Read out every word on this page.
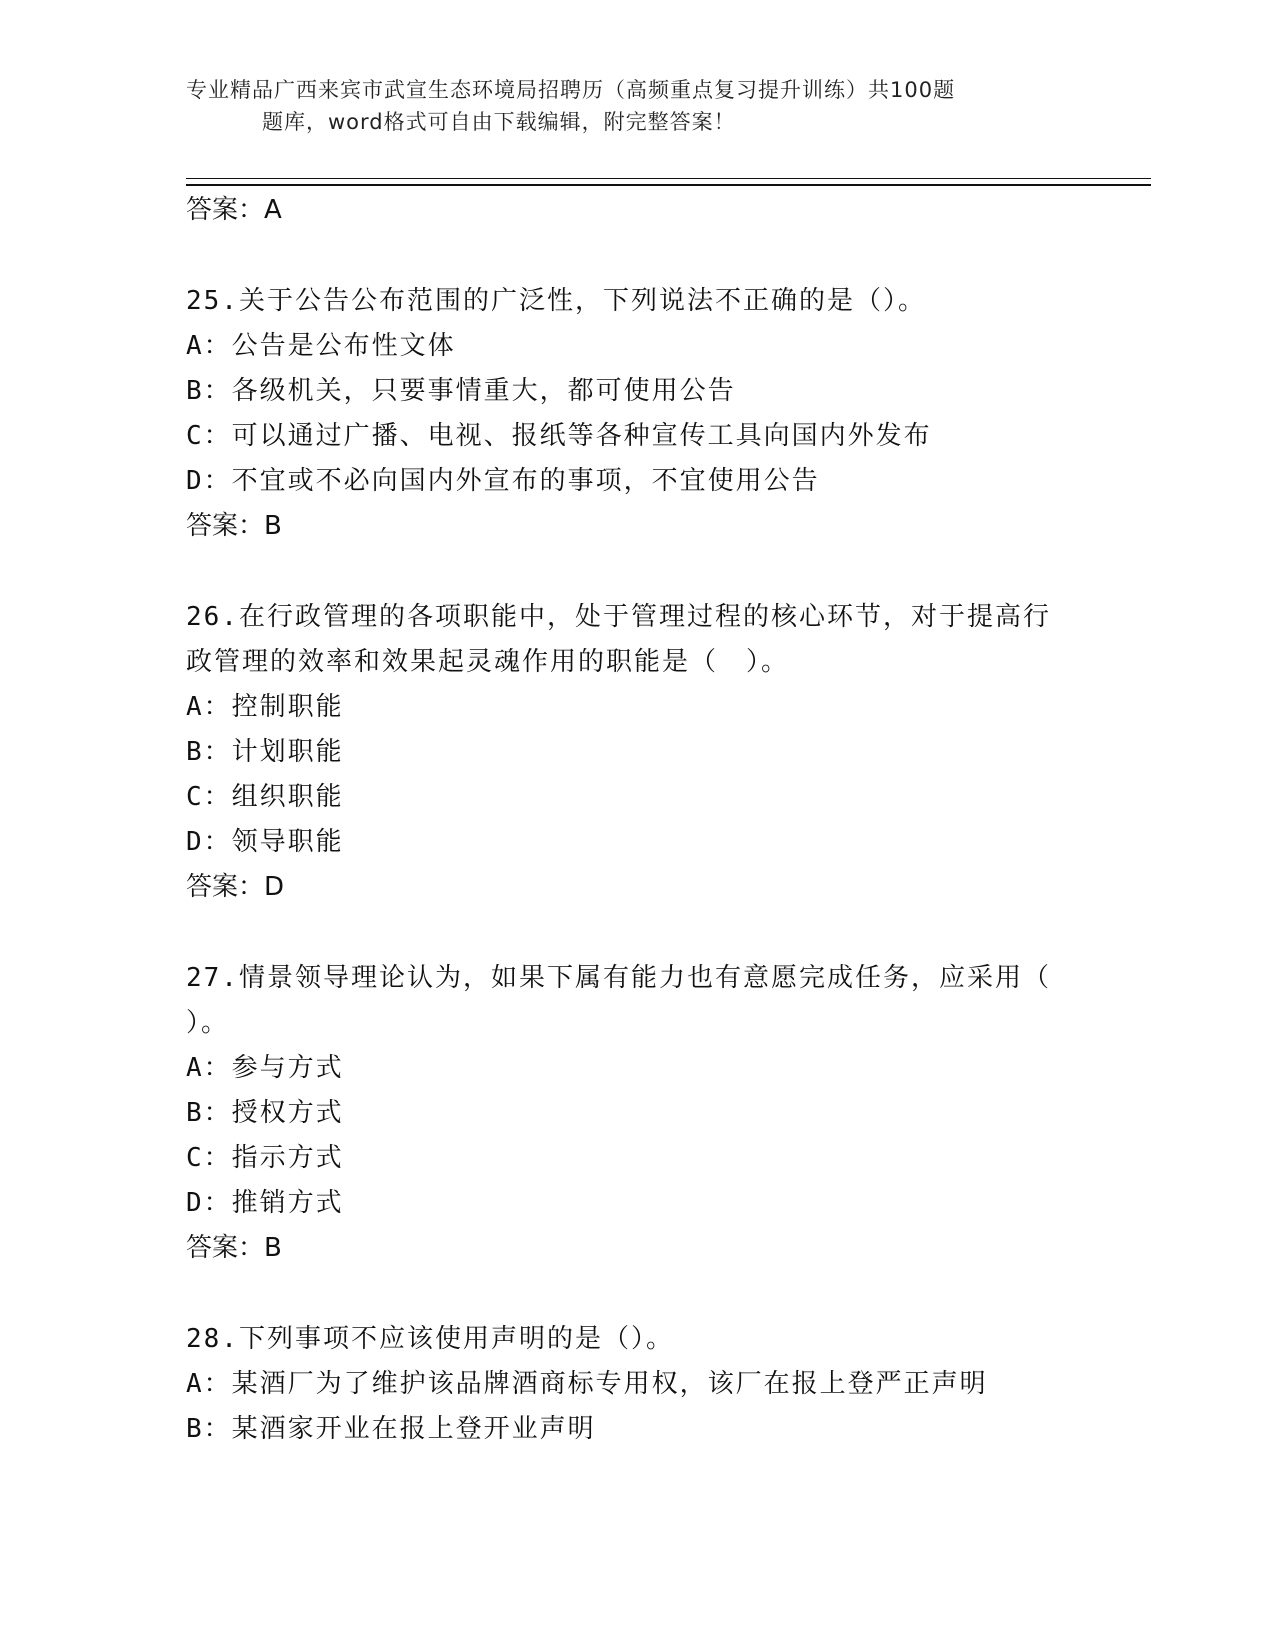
专业精品广西来宾市武宣生态环境局招聘历（高频重点复习提升训练）共100题
题库，word格式可自由下载编辑，附完整答案！
答案：A
25.关于公告公布范围的广泛性，下列说法不正确的是（）。
A：公告是公布性文体
B：各级机关，只要事情重大，都可使用公告
C：可以通过广播、电视、报纸等各种宣传工具向国内外发布
D：不宜或不必向国内外宣布的事项，不宜使用公告
答案：B
26.在行政管理的各项职能中，处于管理过程的核心环节，对于提高行
政管理的效率和效果起灵魂作用的职能是（　）。
A：控制职能
B：计划职能
C：组织职能
D：领导职能
答案：D
27.情景领导理论认为，如果下属有能力也有意愿完成任务，应采用（
）。
A：参与方式
B：授权方式
C：指示方式
D：推销方式
答案：B
28.下列事项不应该使用声明的是（）。
A：某酒厂为了维护该品牌酒商标专用权，该厂在报上登严正声明
B：某酒家开业在报上登开业声明
